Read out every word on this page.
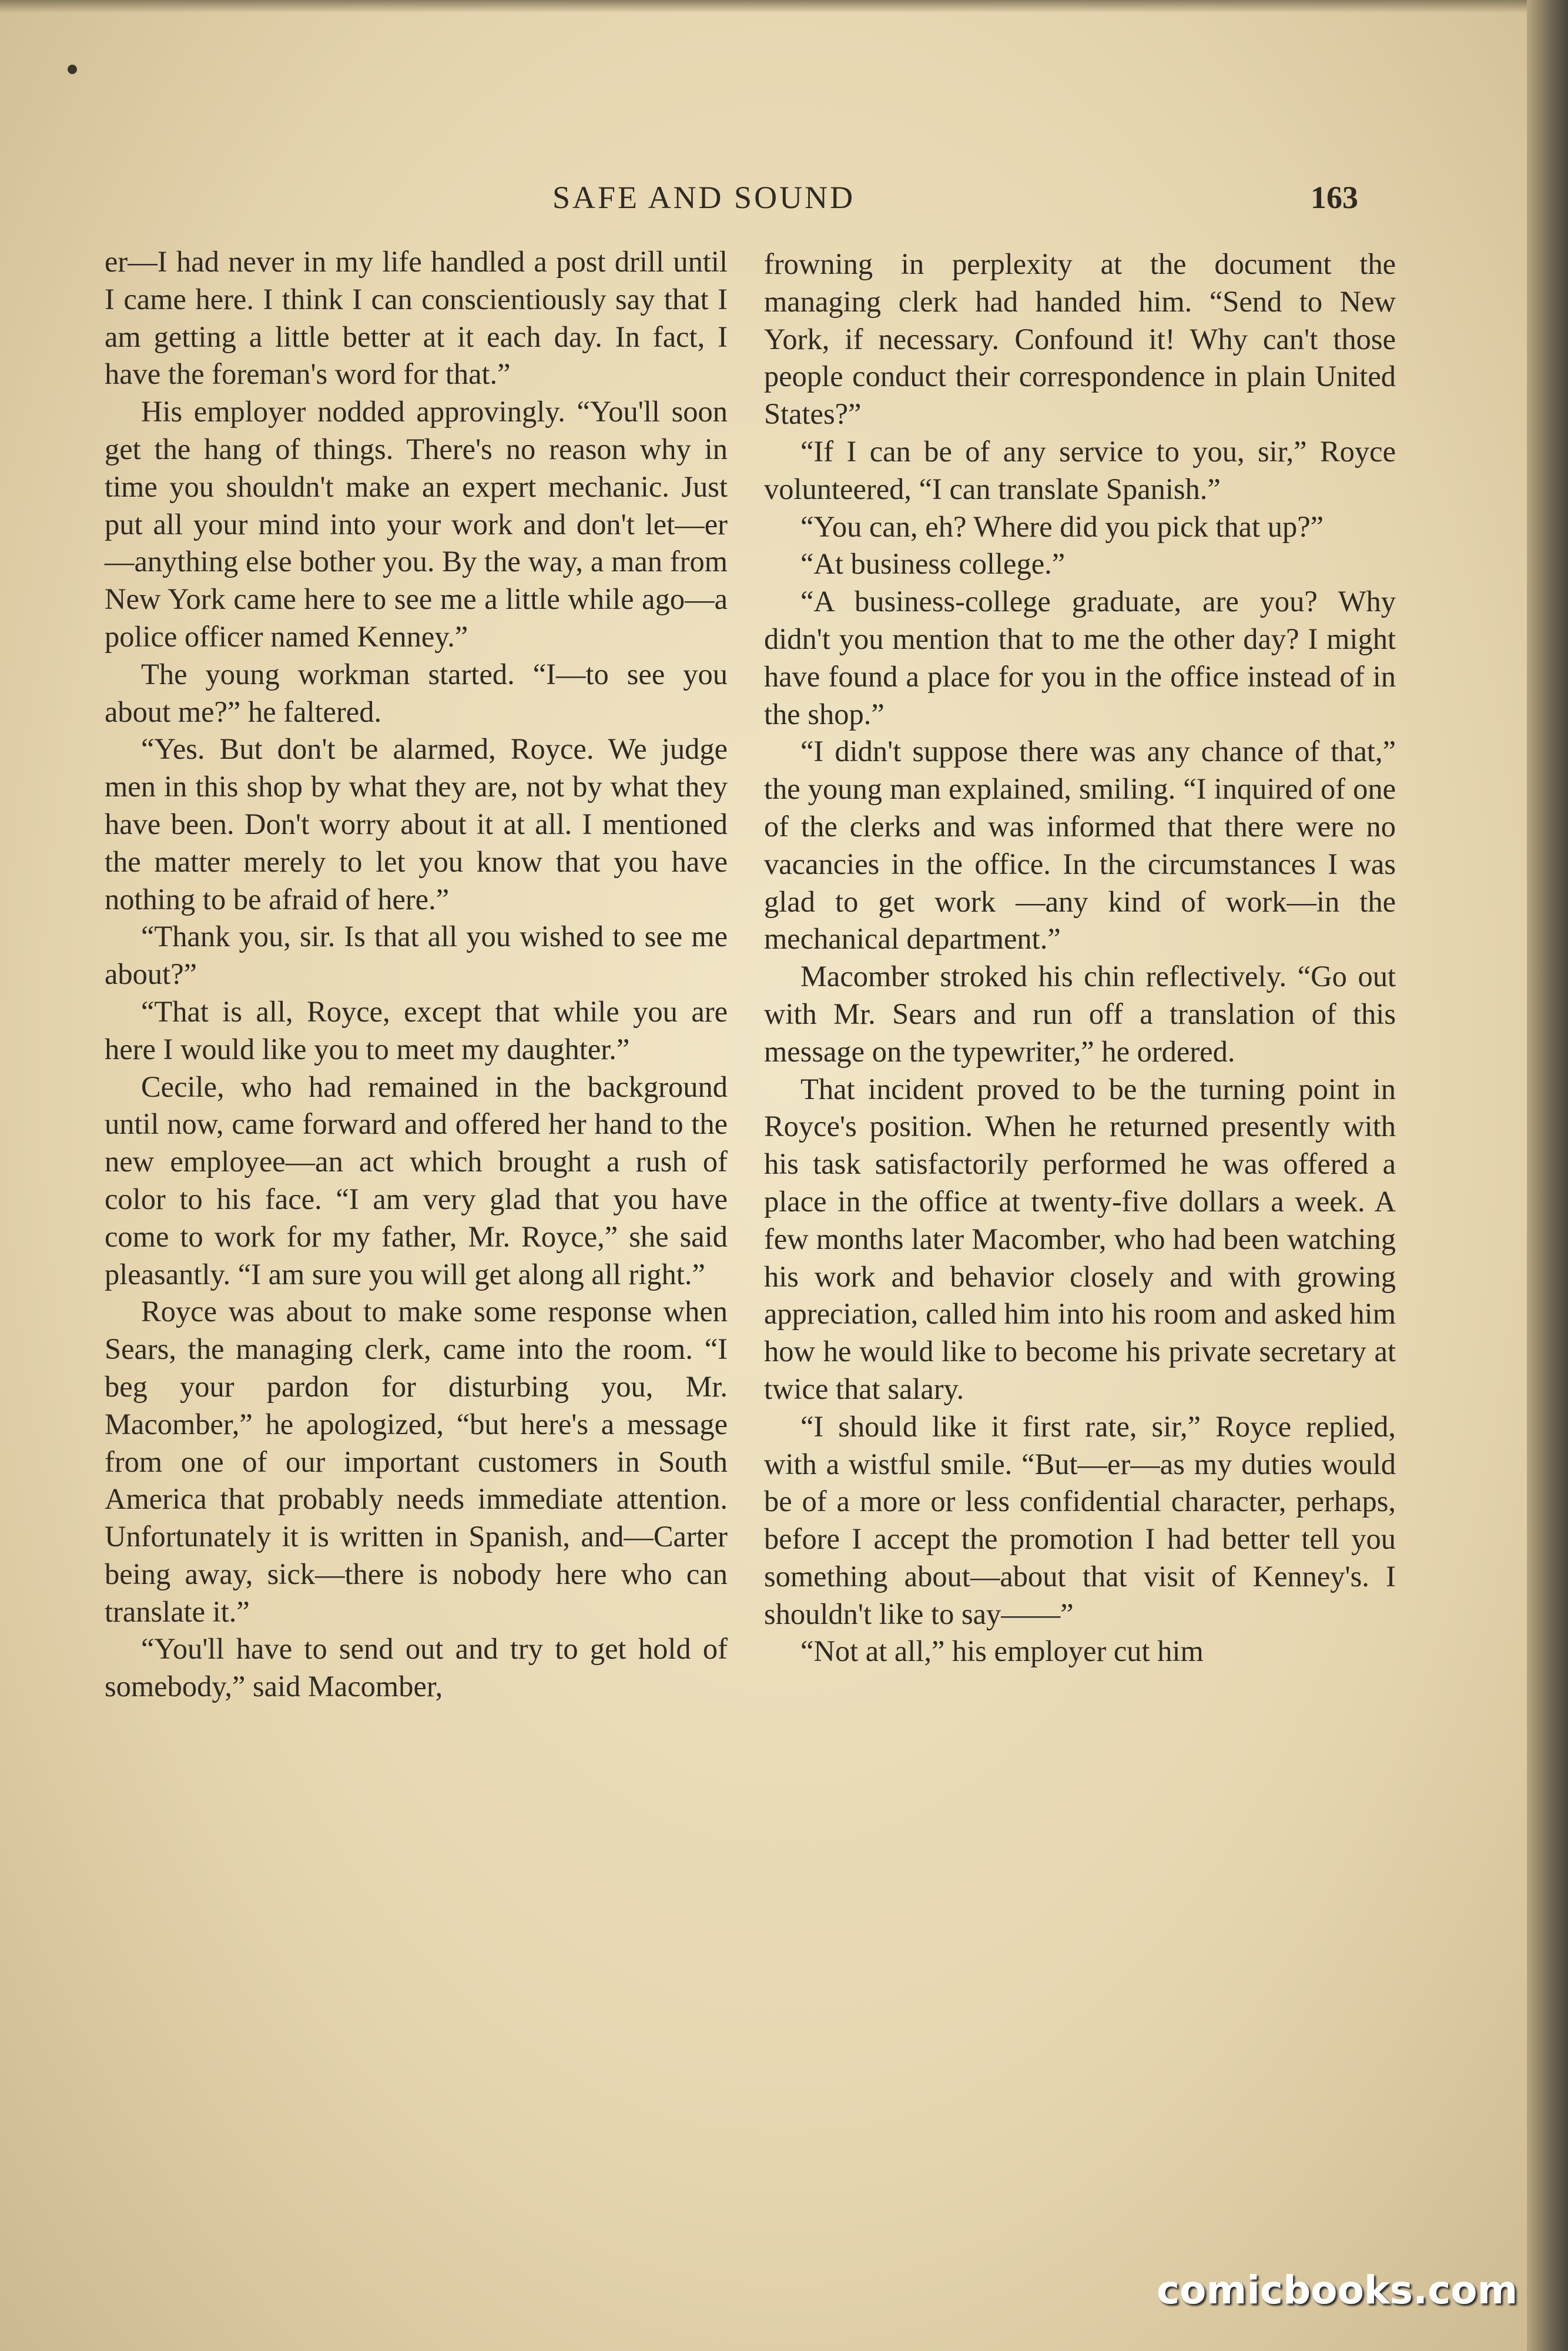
SAFE AND SOUND	163

er—I had never in my life handled a post drill until I came here. I think I can conscientiously say that I am getting a little better at it each day. In fact, I have the foreman's word for that.”

His employer nodded approvingly. “You'll soon get the hang of things. There's no reason why in time you shouldn't make an expert mechanic. Just put all your mind into your work and don't let—er—anything else bother you. By the way, a man from New York came here to see me a little while ago—a police officer named Kenney.”

The young workman started. “I—to see you about me?” he faltered.

“Yes. But don't be alarmed, Royce. We judge men in this shop by what they are, not by what they have been. Don't worry about it at all. I mentioned the matter merely to let you know that you have nothing to be afraid of here.”

“Thank you, sir. Is that all you wished to see me about?”

“That is all, Royce, except that while you are here I would like you to meet my daughter.”

Cecile, who had remained in the background until now, came forward and offered her hand to the new employee—an act which brought a rush of color to his face. “I am very glad that you have come to work for my father, Mr. Royce,” she said pleasantly. “I am sure you will get along all right.”

Royce was about to make some response when Sears, the managing clerk, came into the room. “I beg your pardon for disturbing you, Mr. Macomber,” he apologized, “but here's a message from one of our important customers in South America that probably needs immediate attention. Unfortunately it is written in Spanish, and—Carter being away, sick—there is nobody here who can translate it.”

“You'll have to send out and try to get hold of somebody,” said Macomber,

frowning in perplexity at the document the managing clerk had handed him. “Send to New York, if necessary. Confound it! Why can't those people conduct their correspondence in plain United States?”

“If I can be of any service to you, sir,” Royce volunteered, “I can translate Spanish.”

“You can, eh? Where did you pick that up?”

“At business college.”

“A business-college graduate, are you? Why didn't you mention that to me the other day? I might have found a place for you in the office instead of in the shop.”

“I didn't suppose there was any chance of that,” the young man explained, smiling. “I inquired of one of the clerks and was informed that there were no vacancies in the office. In the circumstances I was glad to get work —any kind of work—in the mechanical department.”

Macomber stroked his chin reflectively. “Go out with Mr. Sears and run off a translation of this message on the typewriter,” he ordered.

That incident proved to be the turning point in Royce's position. When he returned presently with his task satisfactorily performed he was offered a place in the office at twenty-five dollars a week. A few months later Macomber, who had been watching his work and behavior closely and with growing appreciation, called him into his room and asked him how he would like to become his private secretary at twice that salary.

“I should like it first rate, sir,” Royce replied, with a wistful smile. “But—er—as my duties would be of a more or less confidential character, perhaps, before I accept the promotion I had better tell you something about—about that visit of Kenney's. I shouldn't like to say——”

“Not at all,” his employer cut him

comicbooks.com
